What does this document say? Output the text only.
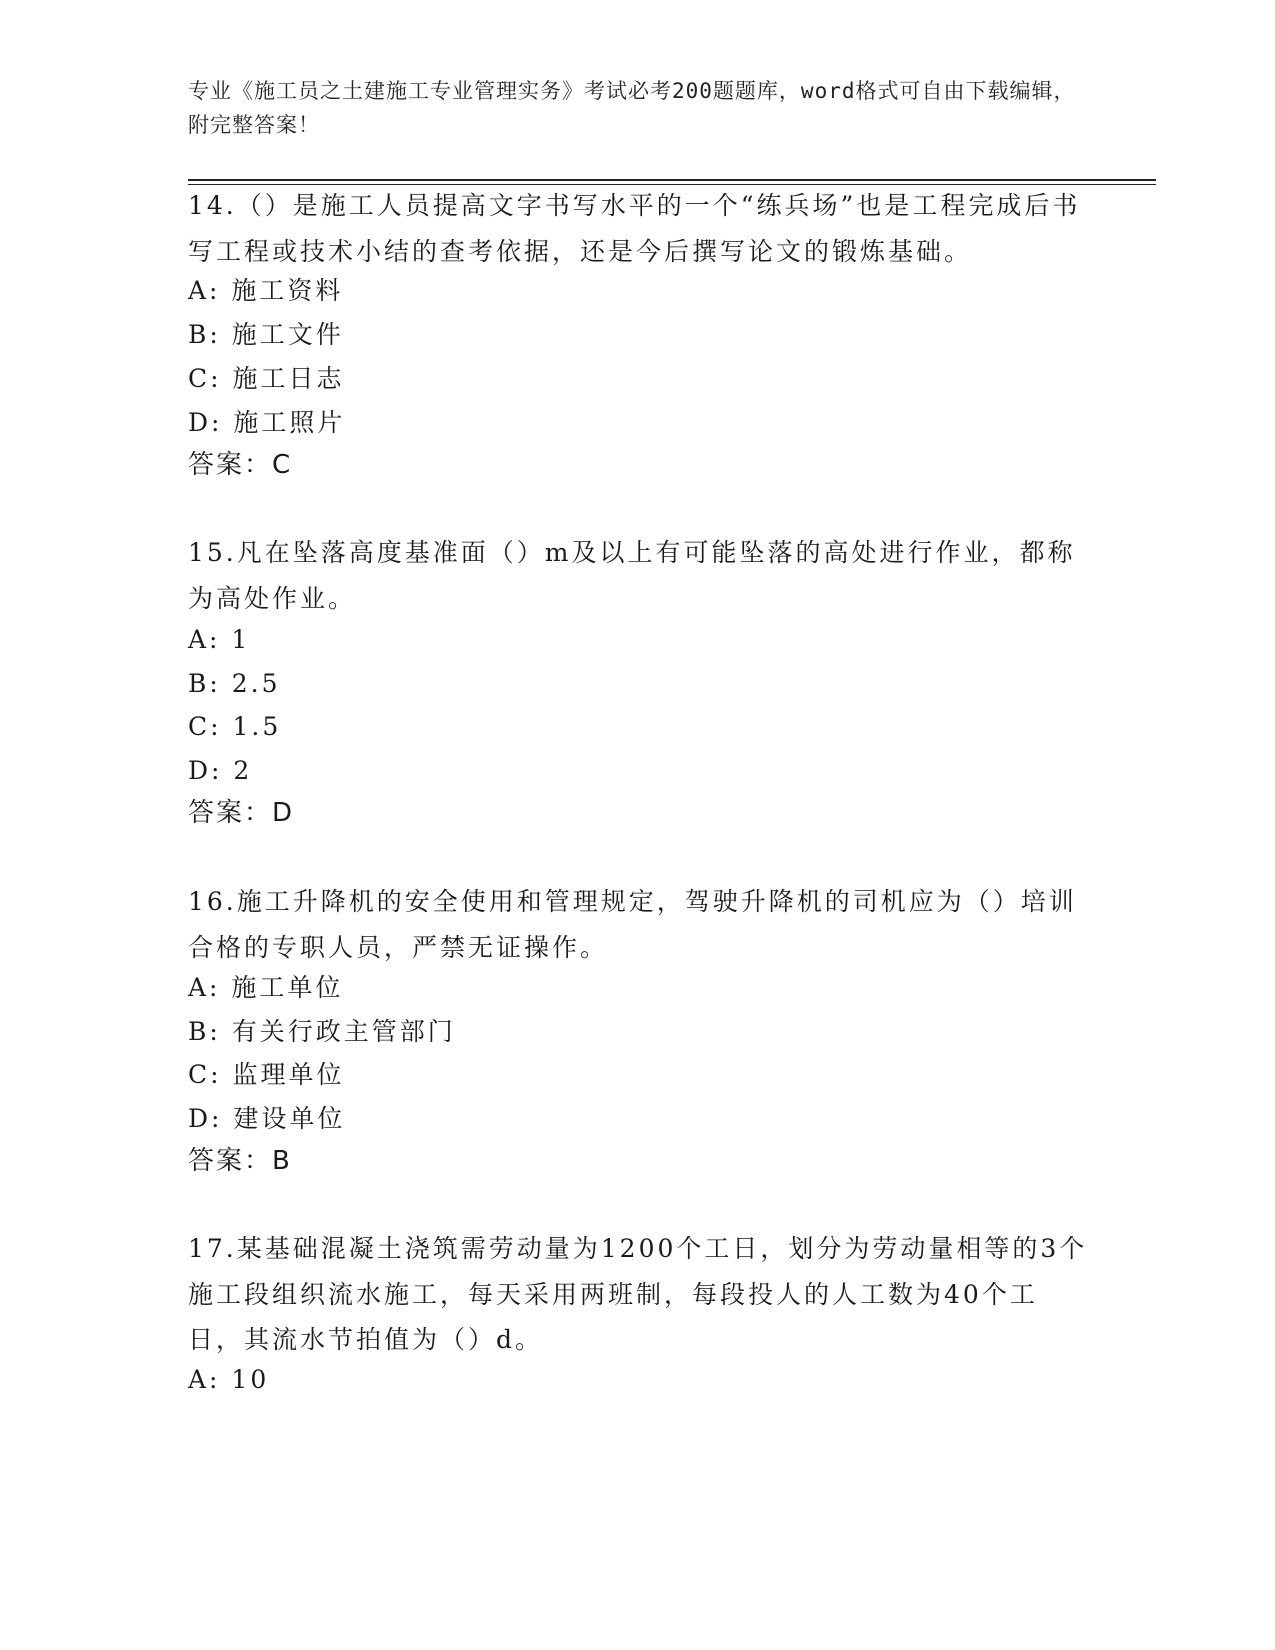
专业《施工员之土建施工专业管理实务》考试必考200题题库，word格式可自由下载编辑，附完整答案！
14.（）是施工人员提高文字书写水平的一个“练兵场”也是工程完成后书写工程或技术小结的查考依据，还是今后撰写论文的锻炼基础。
A: 施工资料
B: 施工文件
C: 施工日志
D: 施工照片
答案：C
15.凡在坠落高度基准面（）m及以上有可能坠落的高处进行作业，都称为高处作业。
A: 1
B: 2.5
C: 1.5
D: 2
答案：D
16.施工升降机的安全使用和管理规定，驾驶升降机的司机应为（）培训合格的专职人员，严禁无证操作。
A: 施工单位
B: 有关行政主管部门
C: 监理单位
D: 建设单位
答案：B
17.某基础混凝土浇筑需劳动量为1200个工日，划分为劳动量相等的3个施工段组织流水施工，每天采用两班制，每段投人的人工数为40个工日，其流水节拍值为（）d。
A: 10
